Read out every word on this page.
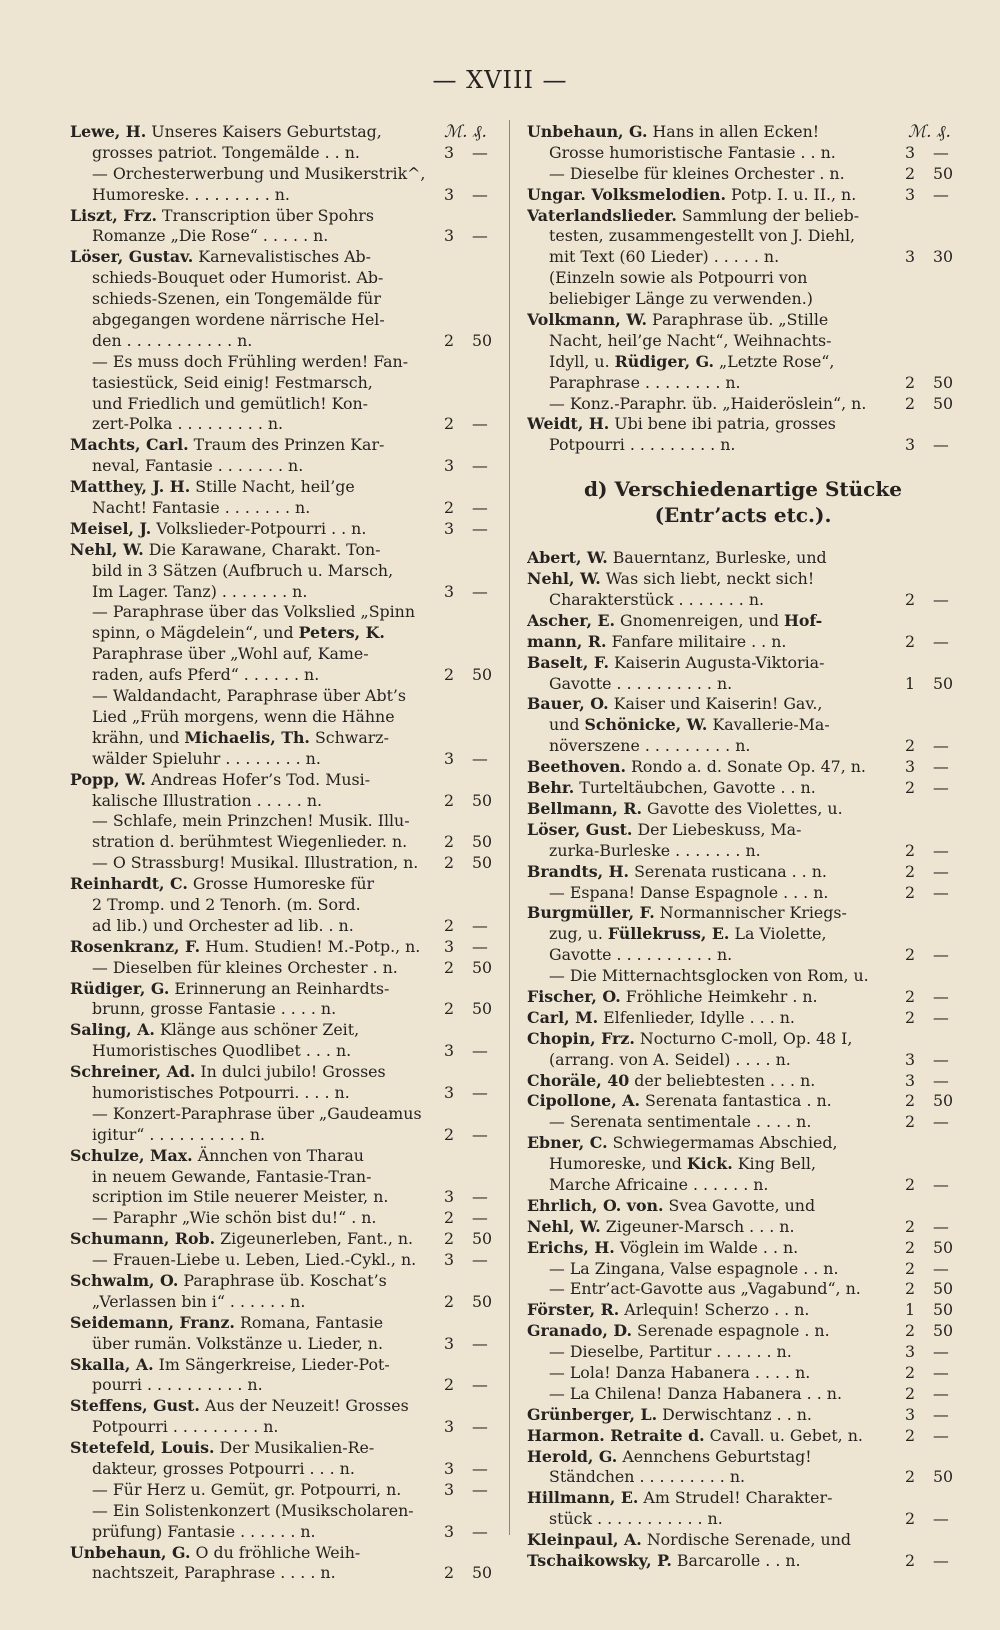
— XVIII —
ℳ. ₰.	ℳ. ₰.
Lewe, H. Unseres Kaisers Geburtstag,
grosses patriot. Tongemälde . . n.	3	—
— Orchesterwerbung und Musikerstrik^,
Humoreske. . . . . . . . . n.	3	—
Liszt, Frz. Transcription über Spohrs
Romanze „Die Rose“ . . . . . n.	3	—
Löser, Gustav. Karnevalistisches Ab-
schieds-Bouquet oder Humorist. Ab-
schieds-Szenen, ein Tongemälde für
abgegangen wordene närrische Hel-
den . . . . . . . . . . . n.	2	50
— Es muss doch Frühling werden! Fan-
tasiestück, Seid einig! Festmarsch,
und Friedlich und gemütlich! Kon-
zert-Polka . . . . . . . . . n.	2	—
Machts, Carl. Traum des Prinzen Kar-
neval, Fantasie . . . . . . . n.	3	—
Matthey, J. H. Stille Nacht, heil’ge
Nacht! Fantasie . . . . . . . n.	2	—
Meisel, J. Volkslieder-Potpourri . . n.	3	—
Nehl, W. Die Karawane, Charakt. Ton-
bild in 3 Sätzen (Aufbruch u. Marsch,
Im Lager. Tanz) . . . . . . . n.	3	—
— Paraphrase über das Volkslied „Spinn
spinn, o Mägdelein“, und Peters, K.
Paraphrase über „Wohl auf, Kame-
raden, aufs Pferd“ . . . . . . n.	2	50
— Waldandacht, Paraphrase über Abt’s
Lied „Früh morgens, wenn die Hähne
krähn, und Michaelis, Th. Schwarz-
wälder Spieluhr . . . . . . . . n.	3	—
Popp, W. Andreas Hofer’s Tod. Musi-
kalische Illustration . . . . . n.	2	50
— Schlafe, mein Prinzchen! Musik. Illu-
stration d. berühmtest Wiegenlieder. n.	2	50
— O Strassburg! Musikal. Illustration, n.	2	50
Reinhardt, C. Grosse Humoreske für
2 Tromp. und 2 Tenorh. (m. Sord.
ad lib.) und Orchester ad lib. . n.	2	—
Rosenkranz, F. Hum. Studien! M.-Potp., n.	3	—
— Dieselben für kleines Orchester . n.	2	50
Rüdiger, G. Erinnerung an Reinhardts-
brunn, grosse Fantasie . . . . n.	2	50
Saling, A. Klänge aus schöner Zeit,
Humoristisches Quodlibet . . . n.	3	—
Schreiner, Ad. In dulci jubilo! Grosses
humoristisches Potpourri. . . . n.	3	—
— Konzert-Paraphrase über „Gaudeamus
igitur“ . . . . . . . . . . n.	2	—
Schulze, Max. Ännchen von Tharau
in neuem Gewande, Fantasie-Tran-
scription im Stile neuerer Meister, n.	3	—
— Paraphr „Wie schön bist du!“ . n.	2	—
Schumann, Rob. Zigeunerleben, Fant., n.	2	50
— Frauen-Liebe u. Leben, Lied.-Cykl., n.	3	—
Schwalm, O. Paraphrase üb. Koschat’s
„Verlassen bin i“ . . . . . . n.	2	50
Seidemann, Franz. Romana, Fantasie
über rumän. Volkstänze u. Lieder, n.	3	—
Skalla, A. Im Sängerkreise, Lieder-Pot-
pourri . . . . . . . . . . n.	2	—
Steffens, Gust. Aus der Neuzeit! Grosses
Potpourri . . . . . . . . . n.	3	—
Stetefeld, Louis. Der Musikalien-Re-
dakteur, grosses Potpourri . . . n.	3	—
— Für Herz u. Gemüt, gr. Potpourri, n.	3	—
— Ein Solistenkonzert (Musikscholaren-
prüfung) Fantasie . . . . . . n.	3	—
Unbehaun, G. O du fröhliche Weih-
nachtszeit, Paraphrase . . . . n.	2	50
Unbehaun, G. Hans in allen Ecken!
Grosse humoristische Fantasie . . n.	3	—
— Dieselbe für kleines Orchester . n.	2	50
Ungar. Volksmelodien. Potp. I. u. II., n.	3	—
Vaterlandslieder. Sammlung der belieb-
testen, zusammengestellt von J. Diehl,
mit Text (60 Lieder) . . . . . n.	3	30
(Einzeln sowie als Potpourri von
beliebiger Länge zu verwenden.)
Volkmann, W. Paraphrase üb. „Stille
Nacht, heil’ge Nacht“, Weihnachts-
Idyll, u. Rüdiger, G. „Letzte Rose“,
Paraphrase . . . . . . . . n.	2	50
— Konz.-Paraphr. üb. „Haideröslein“, n.	2	50
Weidt, H. Ubi bene ibi patria, grosses
Potpourri . . . . . . . . . n.	3	—
d) Verschiedenartige Stücke
(Entr’acts etc.).
Abert, W. Bauerntanz, Burleske, und
Nehl, W. Was sich liebt, neckt sich!
Charakterstück . . . . . . . n.	2	—
Ascher, E. Gnomenreigen, und Hof-
mann, R. Fanfare militaire . . n.	2	—
Baselt, F. Kaiserin Augusta-Viktoria-
Gavotte . . . . . . . . . . n.	1	50
Bauer, O. Kaiser und Kaiserin! Gav.,
und Schönicke, W. Kavallerie-Ma-
növerszene . . . . . . . . . n.	2	—
Beethoven. Rondo a. d. Sonate Op. 47, n.	3	—
Behr. Turteltäubchen, Gavotte . . n.	2	—
Bellmann, R. Gavotte des Violettes, u.
Löser, Gust. Der Liebeskuss, Ma-
zurka-Burleske . . . . . . . n.	2	—
Brandts, H. Serenata rusticana . . n.	2	—
— Espana! Danse Espagnole . . . n.	2	—
Burgmüller, F. Normannischer Kriegs-
zug, u. Füllekruss, E. La Violette,
Gavotte . . . . . . . . . . n.	2	—
— Die Mitternachtsglocken von Rom, u.
Fischer, O. Fröhliche Heimkehr . n.	2	—
Carl, M. Elfenlieder, Idylle . . . n.	2	—
Chopin, Frz. Nocturno C-moll, Op. 48 I,
(arrang. von A. Seidel) . . . . n.	3	—
Choräle, 40 der beliebtesten . . . n.	3	—
Cipollone, A. Serenata fantastica . n.	2	50
— Serenata sentimentale . . . . n.	2	—
Ebner, C. Schwiegermamas Abschied,
Humoreske, und Kick. King Bell,
Marche Africaine . . . . . . n.	2	—
Ehrlich, O. von. Svea Gavotte, und
Nehl, W. Zigeuner-Marsch . . . n.	2	—
Erichs, H. Vöglein im Walde . . n.	2	50
— La Zingana, Valse espagnole . . n.	2	—
— Entr’act-Gavotte aus „Vagabund“, n.	2	50
Förster, R. Arlequin! Scherzo . . n.	1	50
Granado, D. Serenade espagnole . n.	2	50
— Dieselbe, Partitur . . . . . . n.	3	—
— Lola! Danza Habanera . . . . n.	2	—
— La Chilena! Danza Habanera . . n.	2	—
Grünberger, L. Derwischtanz . . n.	3	—
Harmon. Retraite d. Cavall. u. Gebet, n.	2	—
Herold, G. Aennchens Geburtstag!
Ständchen . . . . . . . . . n.	2	50
Hillmann, E. Am Strudel! Charakter-
stück . . . . . . . . . . . n.	2	—
Kleinpaul, A. Nordische Serenade, und
Tschaikowsky, P. Barcarolle . . n.	2	—
